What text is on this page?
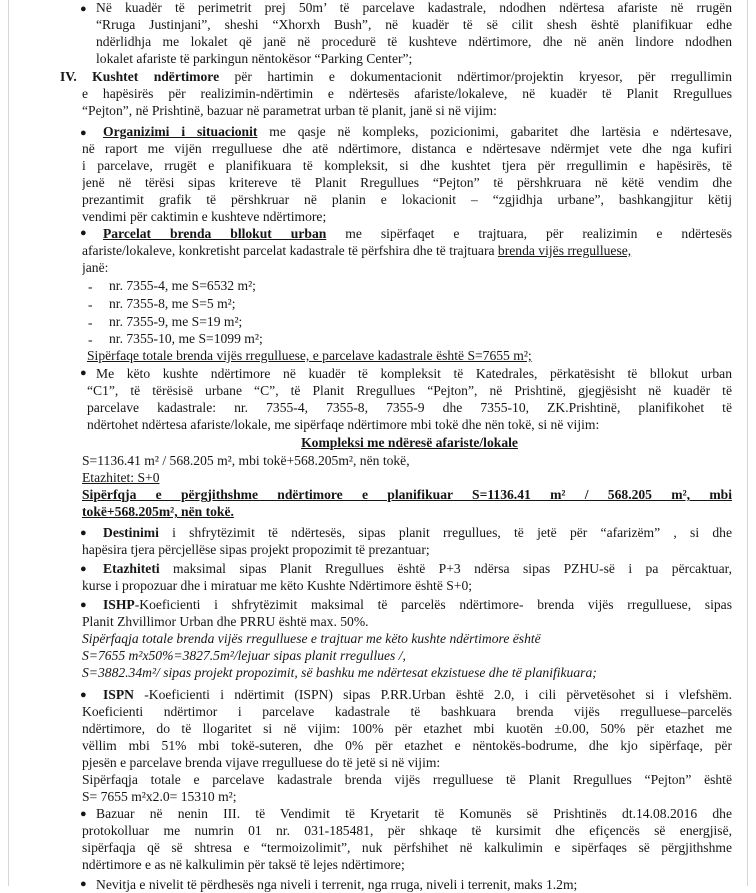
●
●
●
●
●
●
●
●
●
●
-
-
-
-
Në kuadër të perimetrit prej 50m’ të parcelave kadastrale, ndodhen ndërtesa afariste në rrugën
“Rruga Justinjani”, sheshi “Xhorxh Bush”, në kuadër të së cilit shesh është planifikuar edhe
ndërlidhja me lokalet që janë në procedurë të kushteve ndërtimore, dhe në anën lindore ndodhen
lokalet afariste të parkingun nëntokësor “Parking Center”;
IV. Kushtet ndërtimore për hartimin e dokumentacionit ndërtimor/projektin kryesor, për rregullimin
e hapësirës për realizimin-ndërtimin e ndërtesës afariste/lokaleve, në kuadër të Planit Rregullues
“Pejton”, në Prishtinë, bazuar në parametrat urban të planit, janë si në vijim:
Organizimi i situacionit me qasje në kompleks, pozicionimi, gabaritet dhe lartësia e ndërtesave,
në raport me vijën rregulluese dhe atë ndërtimore, distanca e ndërtesave ndërmjet vete dhe nga kufiri
i parcelave, rrugët e planifikuara të kompleksit, si dhe kushtet tjera për rregullimin e hapësirës, të
jenë në tërësi sipas kritereve të Planit Rregullues “Pejton” të përshkruara në këtë vendim dhe
prezantimit grafik të përshkruar në planin e lokacionit – “zgjidhja urbane”, bashkangjitur këtij
vendimi për caktimin e kushteve ndërtimore;
Parcelat brenda bllokut urban me sipërfaqet e trajtuara, për realizimin e ndërtesës
afariste/lokaleve, konkretisht parcelat kadastrale të përfshira dhe të trajtuara brenda vijës rregulluese,
janë:
nr. 7355-4, me S=6532 m²;
nr. 7355-8, me S=5 m²;
nr. 7355-9, me S=19 m²;
nr. 7355-10, me S=1099 m²;
Sipërfaqe totale brenda vijës rregulluese, e parcelave kadastrale është S=7655 m²;
Me këto kushte ndërtimore në kuadër të kompleksit të Katedrales, përkatësisht të bllokut urban
“C1”, të tërësisë urbane “C”, të Planit Rregullues “Pejton”, në Prishtinë, gjegjësisht në kuadër të
parcelave kadastrale: nr. 7355-4, 7355-8, 7355-9 dhe 7355-10, ZK.Prishtinë, planifikohet të
ndërtohet ndërtesa afariste/lokale, me sipërfaqe ndërtimore mbi tokë dhe nën tokë, si në vijim:
Kompleksi me ndëresë afariste/lokale
S=1136.41 m² / 568.205 m², mbi tokë+568.205m², nën tokë,
Etazhitet: S+0
Sipërfqja e përgjithshme ndërtimore e planifikuar S=1136.41 m² / 568.205 m², mbi
tokë+568.205m², nën tokë.
Destinimi i shfrytëzimit të ndërtesës, sipas planit rregullues, të jetë për “afarizëm” , si dhe
hapësira tjera përcjellëse sipas projekt propozimit të prezantuar;
Etazhiteti maksimal sipas Planit Rregullues është P+3 ndërsa sipas PZHU-së i pa përcaktuar,
kurse i propozuar dhe i miratuar me këto Kushte Ndërtimore është S+0;
ISHP-Koeficienti i shfrytëzimit maksimal të parcelës ndërtimore- brenda vijës rregulluese, sipas
Planit Zhvillimor Urban dhe PRRU është max. 50%.
Sipërfaqja totale brenda vijës rregulluese e trajtuar me këto kushte ndërtimore është
S=7655 m²x50%=3827.5m²/lejuar sipas planit rregullues /,
S=3882.34m²/ sipas projekt propozimit, së bashku me ndërtesat ekzistuese dhe të planifikuara;
ISPN -Koeficienti i ndërtimit (ISPN) sipas P.RR.Urban është 2.0, i cili përvetësohet si i vlefshëm.
Koeficienti ndërtimor i parcelave kadastrale të bashkuara brenda vijës rregulluese–parcelës
ndërtimore, do të llogaritet si në vijim: 100% për etazhet mbi kuotën ±0.00, 50% për etazhet me
vëllim mbi 51% mbi tokë-suteren, dhe 0% për etazhet e nëntokës-bodrume, dhe kjo sipërfaqe, për
pjesën e parcelave brenda vijave rregulluese do të jetë si në vijim:
Sipërfaqja totale e parcelave kadastrale brenda vijës rregulluese të Planit Rregullues “Pejton” është
S= 7655 m²x2.0= 15310 m²;
Bazuar në nenin III. të Vendimit të Kryetarit të Komunës së Prishtinës dt.14.08.2016 dhe
protokolluar me numrin 01 nr. 031-185481, për shkaqe të kursimit dhe efiçencës së energjisë,
sipërfaqja që së shtresa e “termoizolimit”, nuk përfshihet në kalkulimin e sipërfaqes së përgjithshme
ndërtimore e as në kalkulimin për taksë të lejes ndërtimore;
Nevitja e nivelit të përdhesës nga niveli i terrenit, nga rruga, niveli i terrenit, maks 1.2m;
